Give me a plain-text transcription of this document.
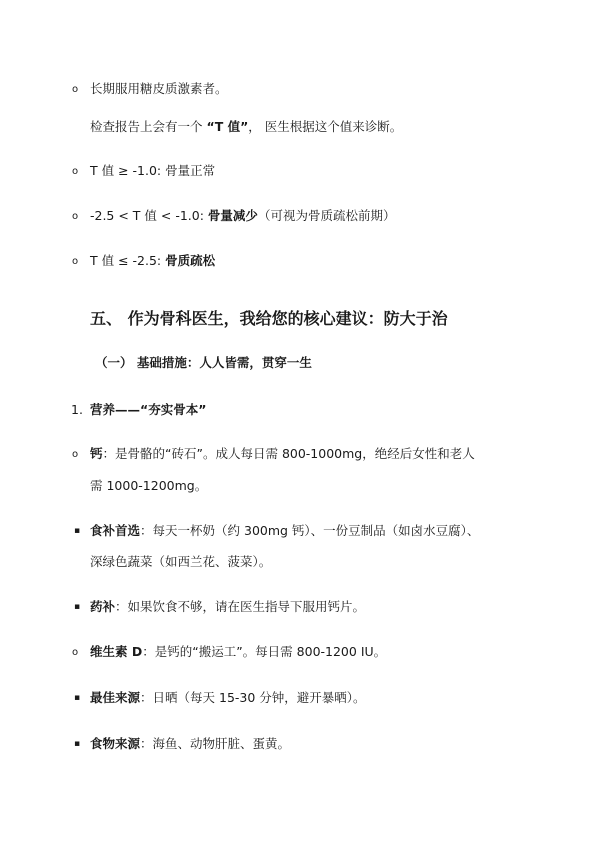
o 长期服用糖皮质激素者。
检查报告上会有一个 “T 值”， 医生根据这个值来诊断。
o T 值 ≥ -1.0: 骨量正常
o -2.5 < T 值 < -1.0: 骨量减少（可视为骨质疏松前期）
o T 值 ≤ -2.5: 骨质疏松
五、 作为骨科医生，我给您的核心建议：防大于治
（一） 基础措施：人人皆需，贯穿一生
1. 营养——“夯实骨本”
o 钙：是骨骼的“砖石”。成人每日需 800-1000mg，绝经后女性和老人
需 1000-1200mg。
▪ 食补首选：每天一杯奶（约 300mg 钙）、一份豆制品（如卤水豆腐）、
深绿色蔬菜（如西兰花、菠菜）。
▪ 药补：如果饮食不够，请在医生指导下服用钙片。
o 维生素 D：是钙的“搬运工”。每日需 800-1200 IU。
▪ 最佳来源：日晒（每天 15-30 分钟，避开暴晒）。
▪ 食物来源：海鱼、动物肝脏、蛋黄。
